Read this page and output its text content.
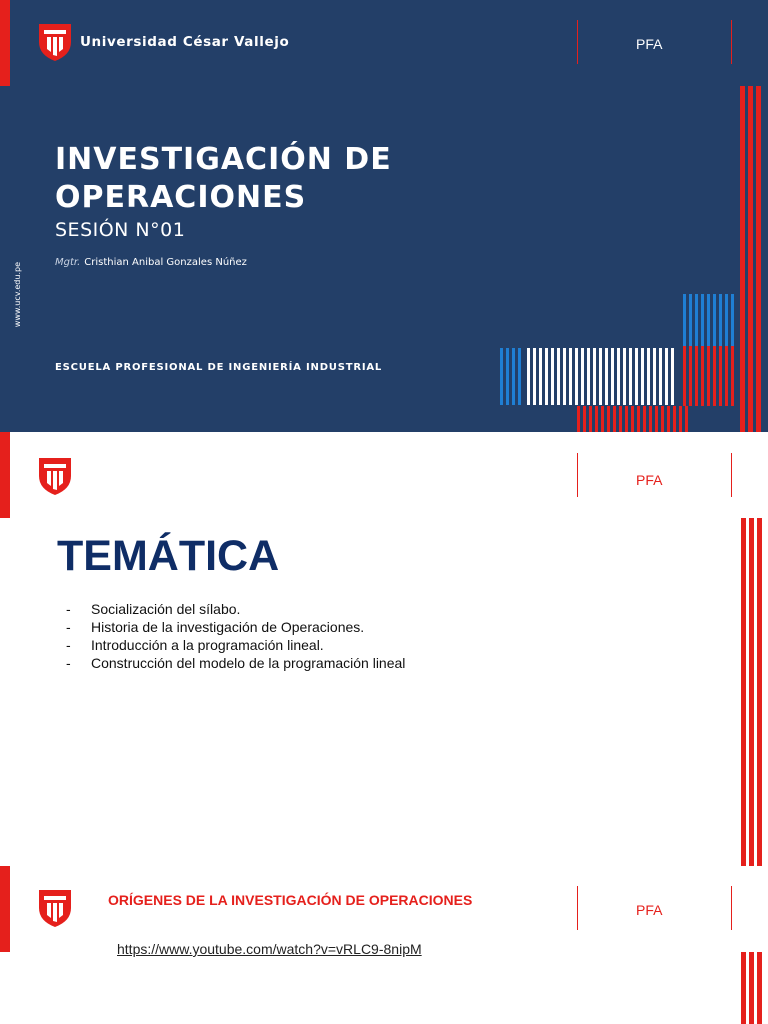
Universidad César Vallejo	PFA
INVESTIGACIÓN DE
OPERACIONES
SESIÓN N°01
Mgtr. Cristhian Anibal Gonzales Núñez
ESCUELA PROFESIONAL DE INGENIERÍA INDUSTRIAL
www.ucv.edu.pe
PFA
TEMÁTICA
-	Socialización del sílabo.
-	Historia de la investigación de Operaciones.
-	Introducción a la programación lineal.
-	Construcción del modelo de la programación lineal
ORÍGENES DE LA INVESTIGACIÓN DE OPERACIONES
PFA
https://www.youtube.com/watch?v=vRLC9-8nipM
